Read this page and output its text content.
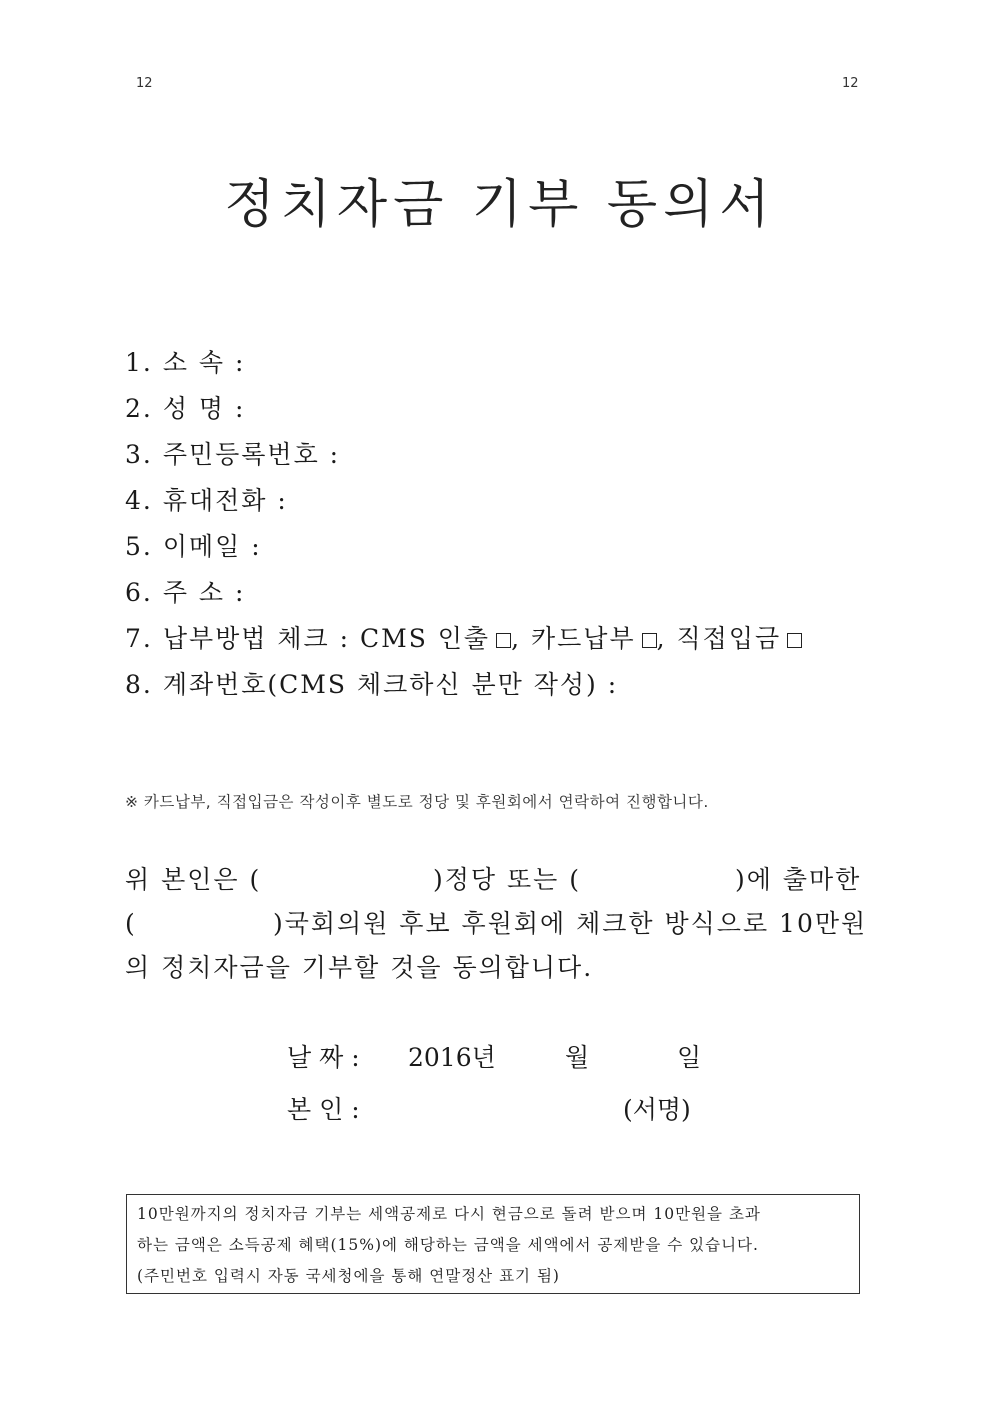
12	12
정치자금 기부 동의서
1. 소 속 :
2. 성 명 :
3. 주민등록번호 :
4. 휴대전화 :
5. 이메일 :
6. 주 소 :
7. 납부방법 체크 : CMS 인출 , 카드납부 , 직접입금
8. 계좌번호(CMS 체크하신 분만 작성) :
※ 카드납부, 직접입금은 작성이후 별도로 정당 및 후원회에서 연락하여 진행합니다.
위 본인은 (	)정당 또는 (	)에 출마한
(	)국회의원 후보 후원회에 체크한 방식으로 10만원
의 정치자금을 기부할 것을 동의합니다.
날 짜 : 2016년	월	일
본 인 :	(서명)
10만원까지의 정치자금 기부는 세액공제로 다시 현금으로 돌려 받으며 10만원을 초과
하는 금액은 소득공제 혜택(15%)에 해당하는 금액을 세액에서 공제받을 수 있습니다.
(주민번호 입력시 자동 국세청에을 통해 연말정산 표기 됨)
